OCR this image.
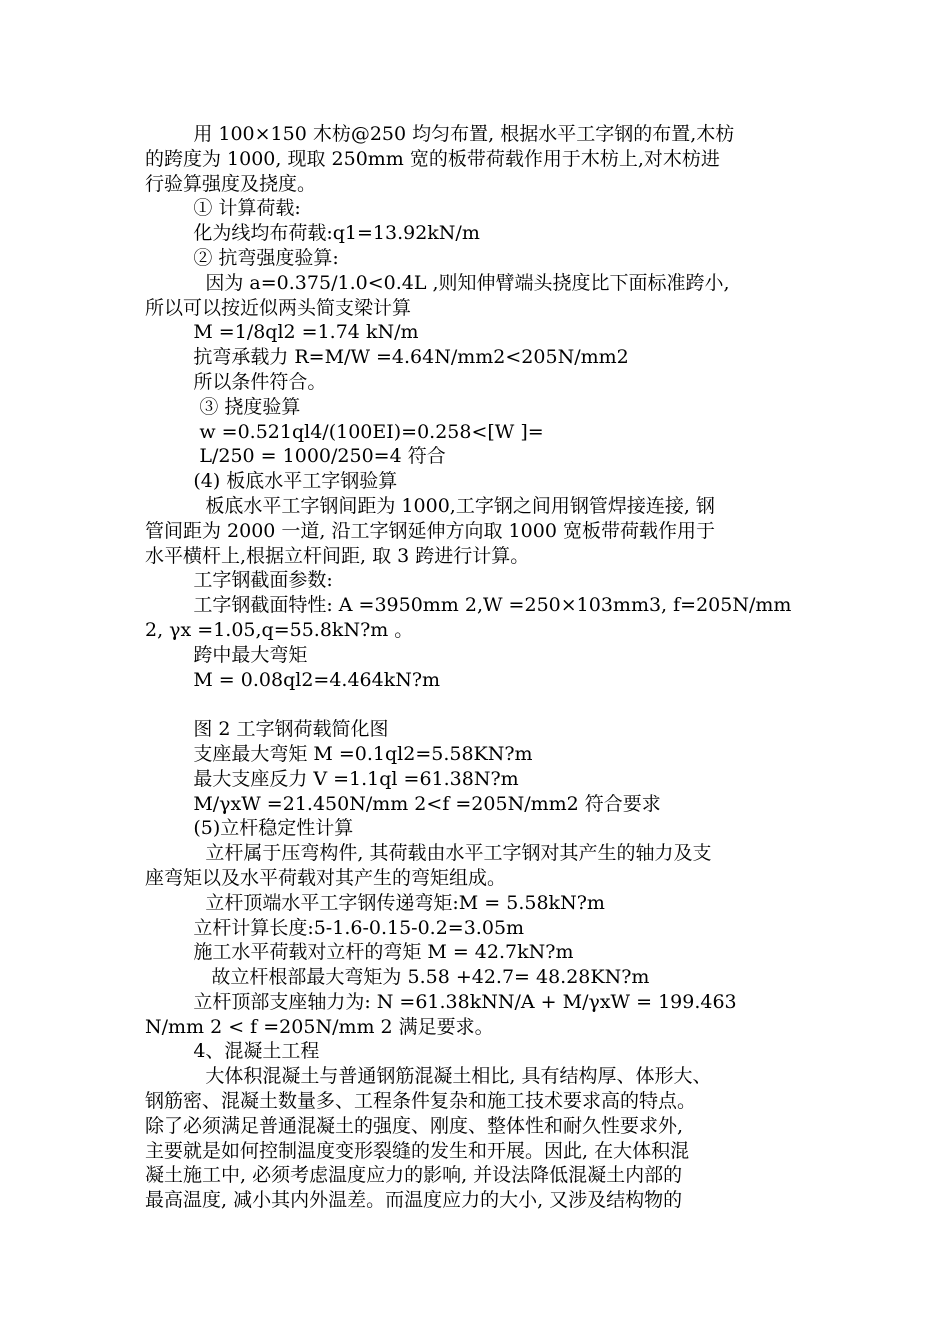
用 100×150 木枋@250 均匀布置, 根据水平工字钢的布置,木枋
的跨度为 1000, 现取 250mm 宽的板带荷载作用于木枋上,对木枋进
行验算强度及挠度。
① 计算荷载:
化为线均布荷载:q1=13.92kN/m
② 抗弯强度验算:
因为 a=0.375/1.0<0.4L ,则知伸臂端头挠度比下面标准跨小,
所以可以按近似两头简支梁计算
M =1/8ql2 =1.74 kN/m
抗弯承载力 R=M/W =4.64N/mm2<205N/mm2
所以条件符合。
③ 挠度验算
w =0.521ql4/(100EI)=0.258<[W ]=
L/250 = 1000/250=4 符合
(4) 板底水平工字钢验算
板底水平工字钢间距为 1000,工字钢之间用钢管焊接连接, 钢
管间距为 2000 一道, 沿工字钢延伸方向取 1000 宽板带荷载作用于
水平横杆上,根据立杆间距, 取 3 跨进行计算。
工字钢截面参数:
工字钢截面特性: A =3950mm 2,W =250×103mm3, f=205N/mm
2, γx =1.05,q=55.8kN?m 。
跨中最大弯矩
M = 0.08ql2=4.464kN?m
图 2 工字钢荷载简化图
支座最大弯矩 M =0.1ql2=5.58KN?m
最大支座反力 V =1.1ql =61.38N?m
M/γxW =21.450N/mm 2<f =205N/mm2 符合要求
(5)立杆稳定性计算
立杆属于压弯构件, 其荷载由水平工字钢对其产生的轴力及支
座弯矩以及水平荷载对其产生的弯矩组成。
立杆顶端水平工字钢传递弯矩:M = 5.58kN?m
立杆计算长度:5-1.6-0.15-0.2=3.05m
施工水平荷载对立杆的弯矩 M = 42.7kN?m
故立杆根部最大弯矩为 5.58 +42.7= 48.28KN?m
立杆顶部支座轴力为: N =61.38kNN/A + M/γxW = 199.463
N/mm 2 < f =205N/mm 2 满足要求。
4、混凝土工程
大体积混凝土与普通钢筋混凝土相比, 具有结构厚、体形大、
钢筋密、混凝土数量多、工程条件复杂和施工技术要求高的特点。
除了必须满足普通混凝土的强度、刚度、整体性和耐久性要求外,
主要就是如何控制温度变形裂缝的发生和开展。因此, 在大体积混
凝土施工中, 必须考虑温度应力的影响, 并设法降低混凝土内部的
最高温度, 减小其内外温差。而温度应力的大小, 又涉及结构物的
